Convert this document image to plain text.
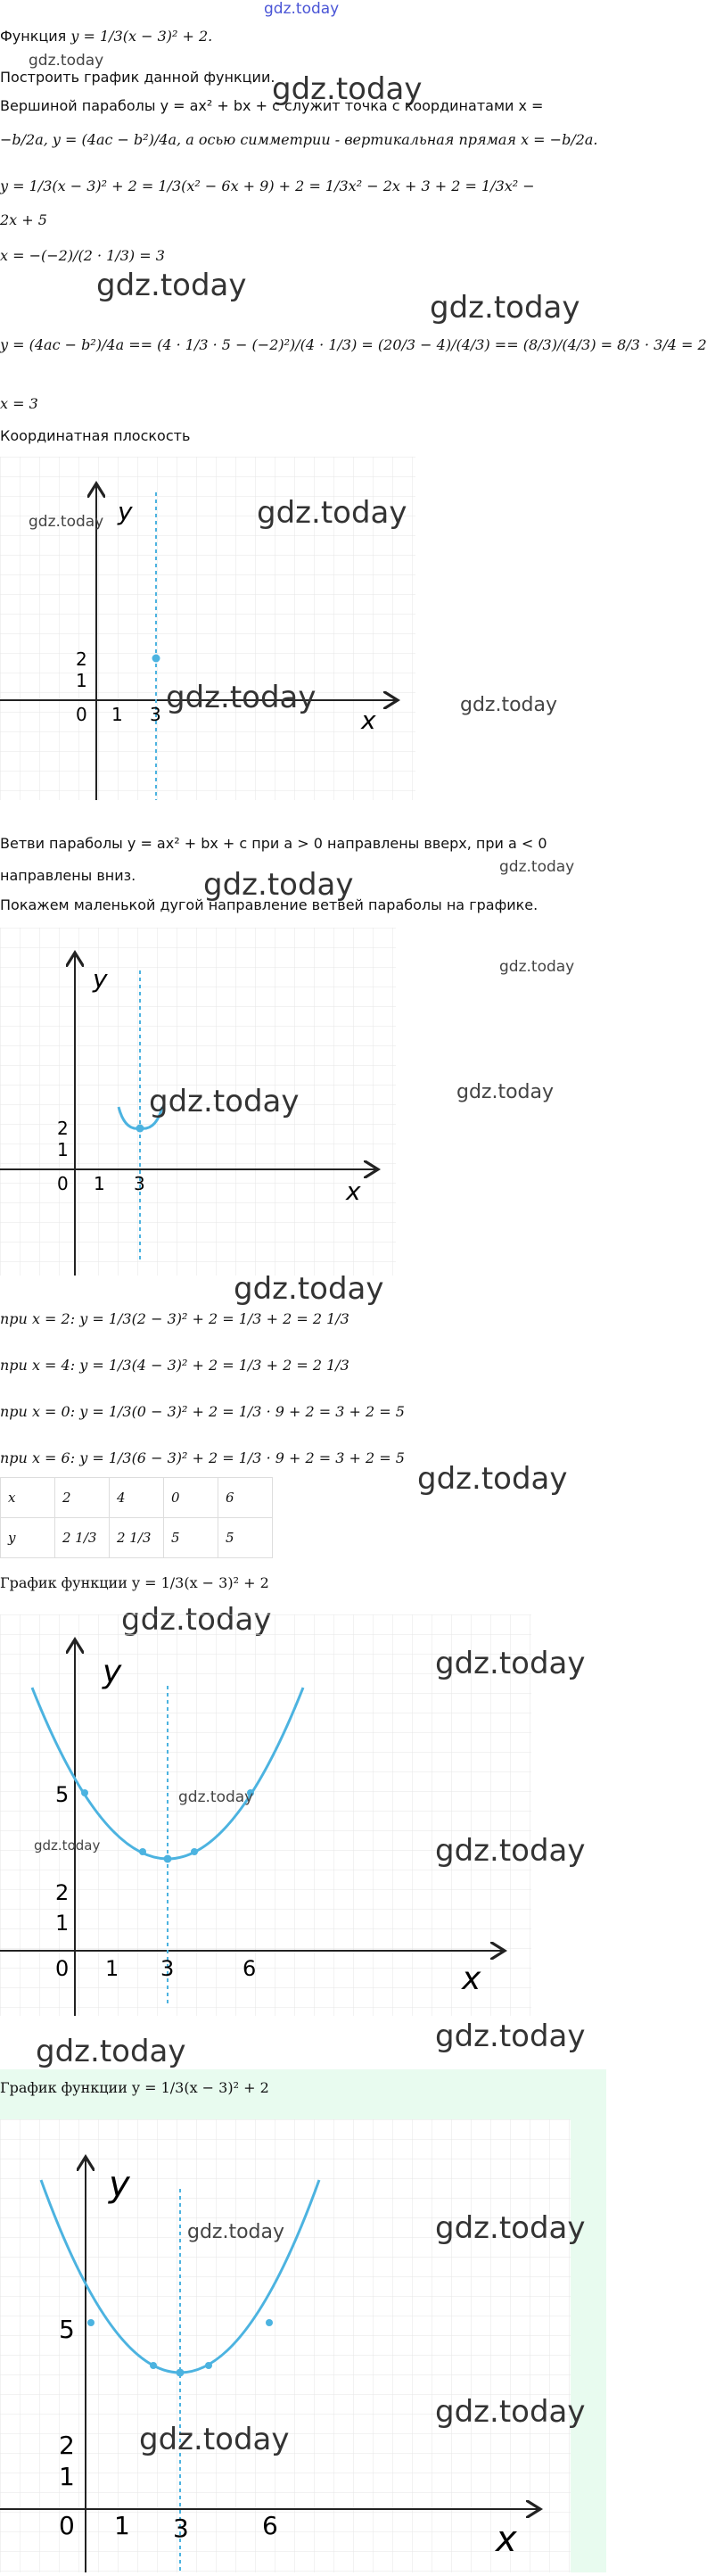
gdz.today
Функция y = 1/3(x − 3)² + 2.
gdz.today
Построить график данной функции.
gdz.today
Вершиной параболы y = ax² + bx + c служит точка с координатами x =
−b/2a, y = (4ac − b²)/4a, а осью симметрии - вертикальная прямая x = −b/2a.
y = 1/3(x − 3)² + 2 = 1/3(x² − 6x + 9) + 2 = 1/3x² − 2x + 3 + 2 = 1/3x² −
2x + 5
x = −(−2)/(2 · 1/3) = 3
gdz.today
gdz.today
y = (4ac − b²)/4a == (4 · 1/3 · 5 − (−2)²)/(4 · 1/3) = (20/3 − 4)/(4/3) == (8/3)/(4/3) = 8/3 · 3/4 = 2
x = 3
Координатная плоскость
y
x
2
1
0 1 3
gdz.today	gdz.today
gdz.today	gdz.today
Ветви параболы y = ax² + bx + c при a > 0 направлены вверх, при a < 0
gdz.today
направлены вниз. gdz.today
Покажем маленькой дугой направление ветвей параболы на графике.
y
x
2
1
0 1 3
gdz.today
gdz.today	gdz.today
gdz.today
при x = 2: y = 1/3(2 − 3)² + 2 = 1/3 + 2 = 2 1/3
при x = 4: y = 1/3(4 − 3)² + 2 = 1/3 + 2 = 2 1/3
при x = 0: y = 1/3(0 − 3)² + 2 = 1/3 · 9 + 2 = 3 + 2 = 5
при x = 6: y = 1/3(6 − 3)² + 2 = 1/3 · 9 + 2 = 3 + 2 = 5
gdz.today
x	2	4	0	6
y	2 1/3	2 1/3	5	5
График функции y = 1/3(x − 3)² + 2
y
x
5
2
1
0 1 3	6
gdz.today
gdz.today
gdz.today	gdz.today
gdz.today
gdz.today
График функции y = 1/3(x − 3)² + 2
y
x
5
2
1
0 1 3	6
gdz.today	gdz.today
gdz.today
gdz.today
